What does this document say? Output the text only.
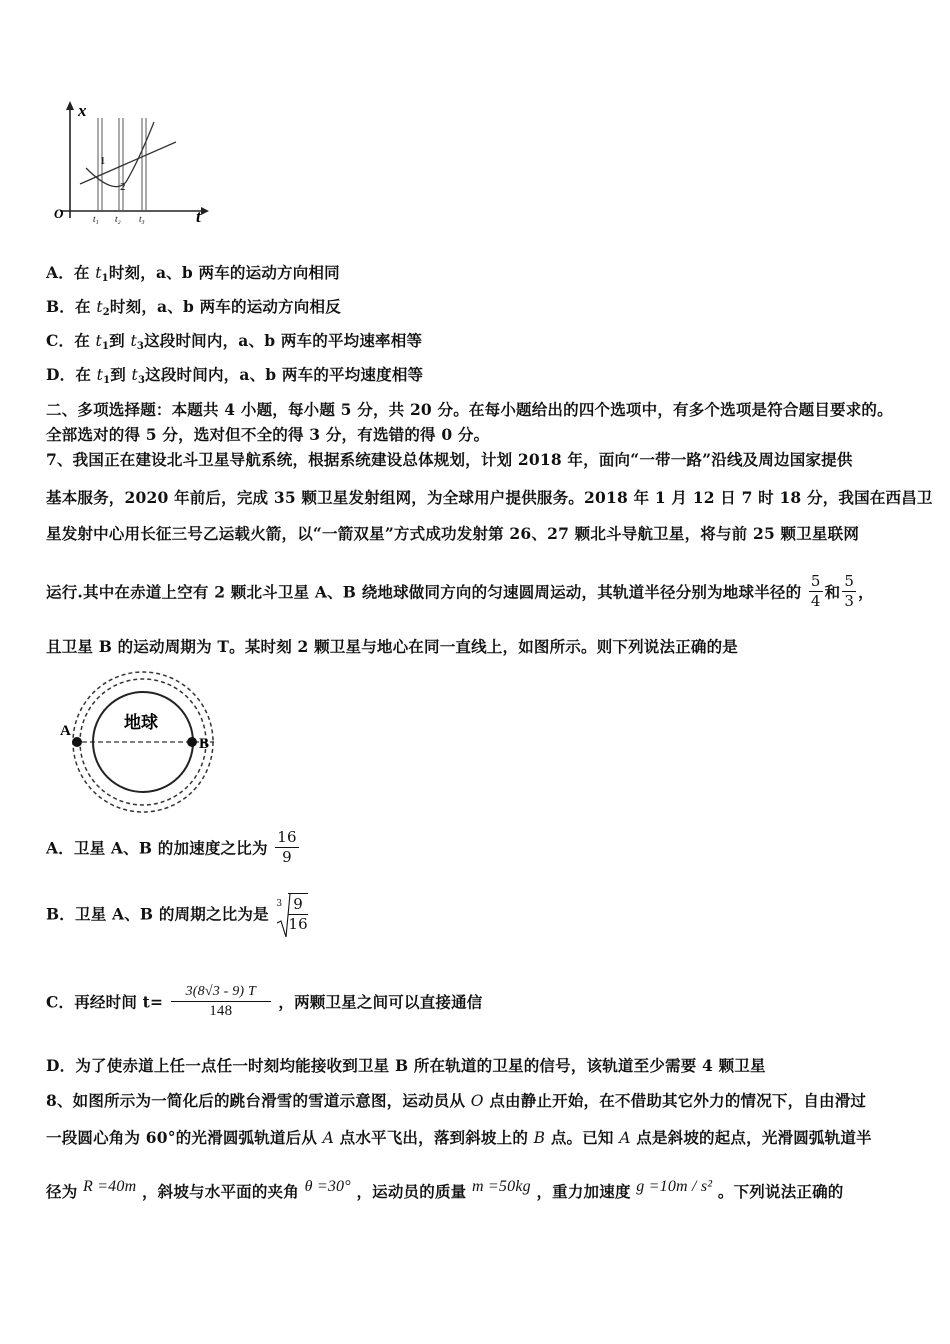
x
t
O
1
2
t₁ t₂ t₃
A．在 $t_1$时刻，a、b 两车的运动方向相同
B．在 $t_2$时刻，a、b 两车的运动方向相反
C．在 $t_1$到 $t_3$这段时间内，a、b 两车的平均速率相等
D．在 $t_1$到 $t_3$这段时间内，a、b 两车的平均速度相等
二、多项选择题：本题共 4 小题，每小题 5 分，共 20 分。在每小题给出的四个选项中，有多个选项是符合题目要求的。
全部选对的得 5 分，选对但不全的得 3 分，有选错的得 0 分。
7、我国正在建设北斗卫星导航系统，根据系统建设总体规划，计划 2018 年，面向“一带一路”沿线及周边国家提供
基本服务，2020 年前后，完成 35 颗卫星发射组网，为全球用户提供服务。2018 年 1 月 12 日 7 时 18 分，我国在西昌卫
星发射中心用长征三号乙运载火箭，以“一箭双星”方式成功发射第 26、27 颗北斗导航卫星，将与前 25 颗卫星联网
运行.其中在赤道上空有 2 颗北斗卫星 A、B 绕地球做同方向的匀速圆周运动，其轨道半径分别为地球半径的 $\frac{5}{4}$ 和 $\frac{5}{3}$ ，
且卫星 B 的运动周期为 T。某时刻 2 颗卫星与地心在同一直线上，如图所示。则下列说法正确的是
地球
A
B
A．卫星 A、B 的加速度之比为 $\frac{16}{9}$
B．卫星 A、B 的周期之比为是
$3 \frac{9}{16}$
C．再经时间 $t= \frac{3(8√3 - 9) T}{148}$ ，两颗卫星之间可以直接通信
D．为了使赤道上任一点任一时刻均能接收到卫星 B 所在轨道的卫星的信号，该轨道至少需要 4 颗卫星
8、如图所示为一简化后的跳台滑雪的雪道示意图，运动员从 O 点由静止开始，在不借助其它外力的情况下，自由滑过
一段圆心角为 60°的光滑圆弧轨道后从 A 点水平飞出，落到斜坡上的 B 点。已知 A 点是斜坡的起点，光滑圆弧轨道半
径为 R =40m ，斜坡与水平面的夹角 θ =30° ，运动员的质量 m =50kg ，重力加速度 g =10m / s² 。下列说法正确的
